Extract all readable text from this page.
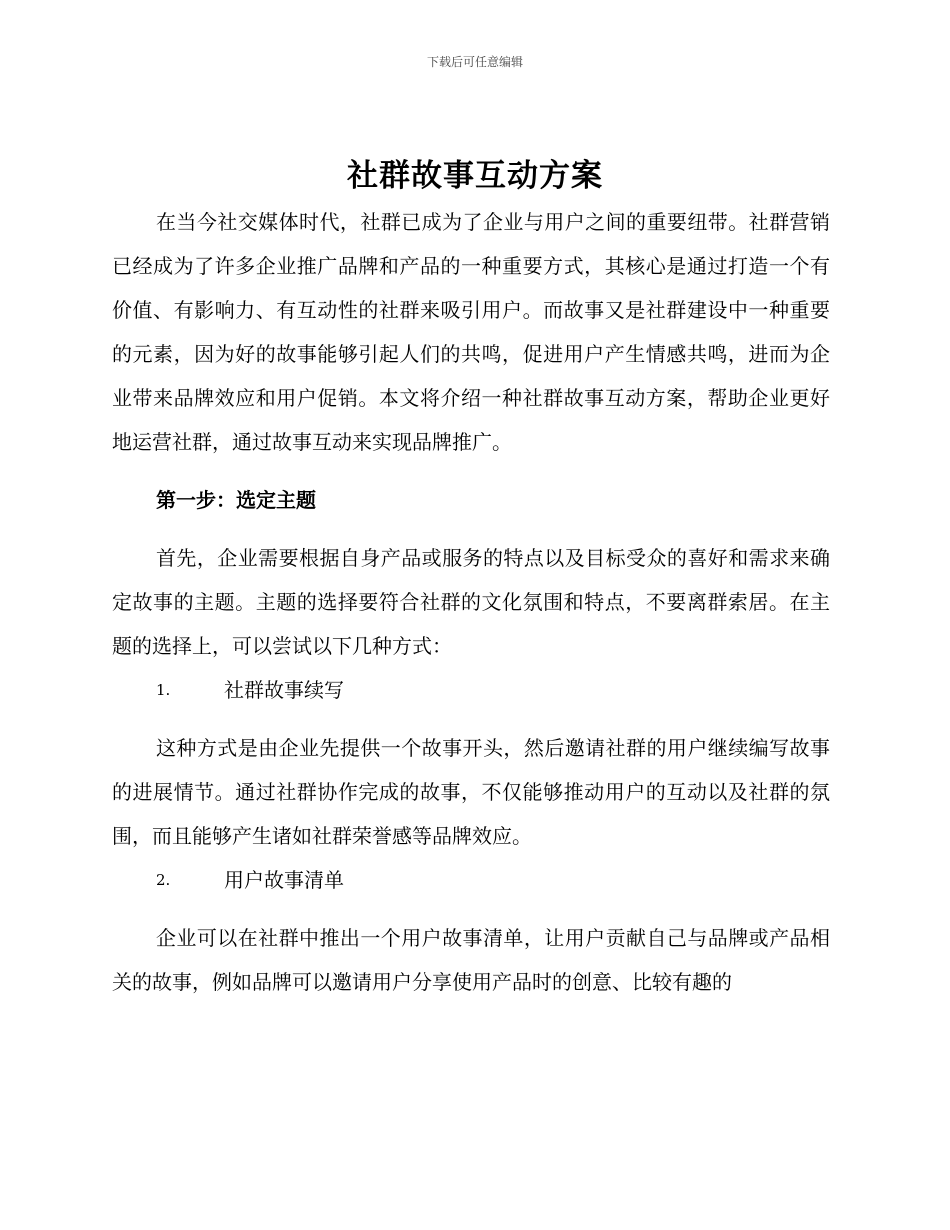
下载后可任意编辑
社群故事互动方案

在当今社交媒体时代，社群已成为了企业与用户之间的重要纽带。社群营销已经成为了许多企业推广品牌和产品的一种重要方式，其核心是通过打造一个有价值、有影响力、有互动性的社群来吸引用户。而故事又是社群建设中一种重要的元素，因为好的故事能够引起人们的共鸣，促进用户产生情感共鸣，进而为企业带来品牌效应和用户促销。本文将介绍一种社群故事互动方案，帮助企业更好地运营社群，通过故事互动来实现品牌推广。

第一步：选定主题

首先，企业需要根据自身产品或服务的特点以及目标受众的喜好和需求来确定故事的主题。主题的选择要符合社群的文化氛围和特点，不要离群索居。在主题的选择上，可以尝试以下几种方式：

1.	社群故事续写

这种方式是由企业先提供一个故事开头，然后邀请社群的用户继续编写故事的进展情节。通过社群协作完成的故事，不仅能够推动用户的互动以及社群的氛围，而且能够产生诸如社群荣誉感等品牌效应。

2.	用户故事清单

企业可以在社群中推出一个用户故事清单，让用户贡献自己与品牌或产品相关的故事，例如品牌可以邀请用户分享使用产品时的创意、比较有趣的
